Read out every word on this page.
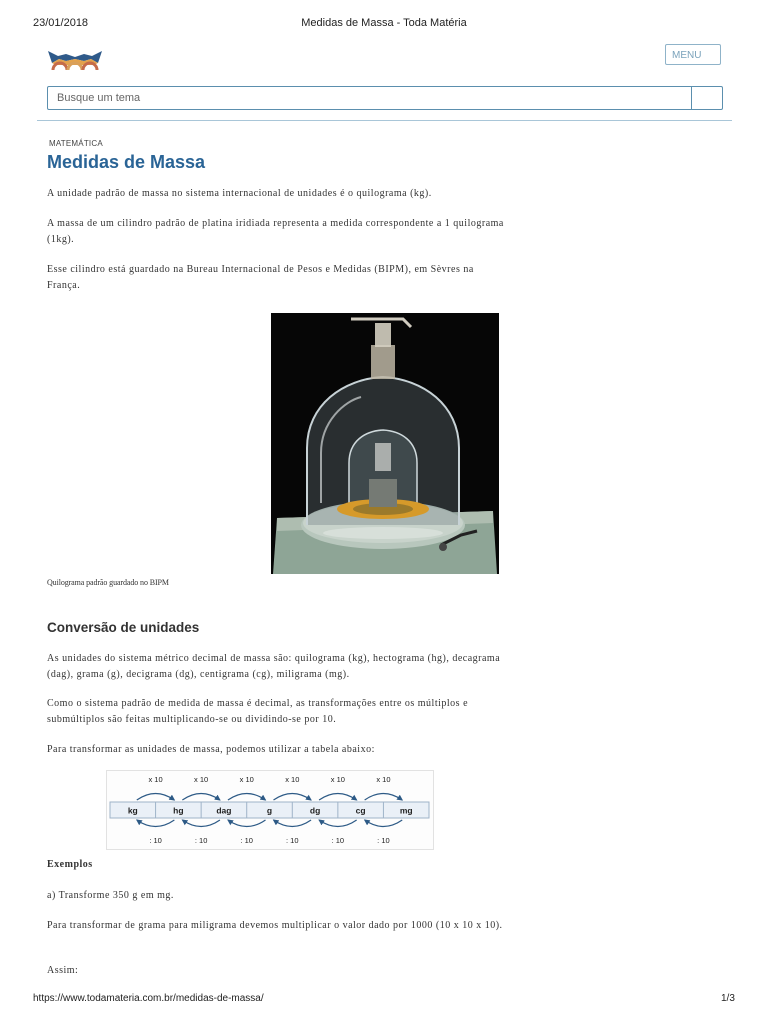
23/01/2018	Medidas de Massa - Toda Matéria
MENU
Busque um tema
MATEMÁTICA
Medidas de Massa

A unidade padrão de massa no sistema internacional de unidades é o quilograma (kg).

A massa de um cilindro padrão de platina iridiada representa a medida correspondente a 1 quilograma (1kg).

Esse cilindro está guardado na Bureau Internacional de Pesos e Medidas (BIPM), em Sèvres na França.

Quilograma padrão guardado no BIPM
Conversão de unidades

As unidades do sistema métrico decimal de massa são: quilograma (kg), hectograma (hg), decagrama (dag), grama (g), decigrama (dg), centigrama (cg), miligrama (mg).

Como o sistema padrão de medida de massa é decimal, as transformações entre os múltiplos e submúltiplos são feitas multiplicando-se ou dividindo-se por 10.

Para transformar as unidades de massa, podemos utilizar a tabela abaixo:

kg	hg	dag	g	dg	cg	mg
x 10
: 10
x 10
: 10
x 10
: 10
x 10
: 10
x 10
: 10
x 10
: 10

Exemplos

a) Transforme 350 g em mg.

Para transformar de grama para miligrama devemos multiplicar o valor dado por 1000 (10 x 10 x 10).

Assim:

https://www.todamateria.com.br/medidas-de-massa/	1/3
